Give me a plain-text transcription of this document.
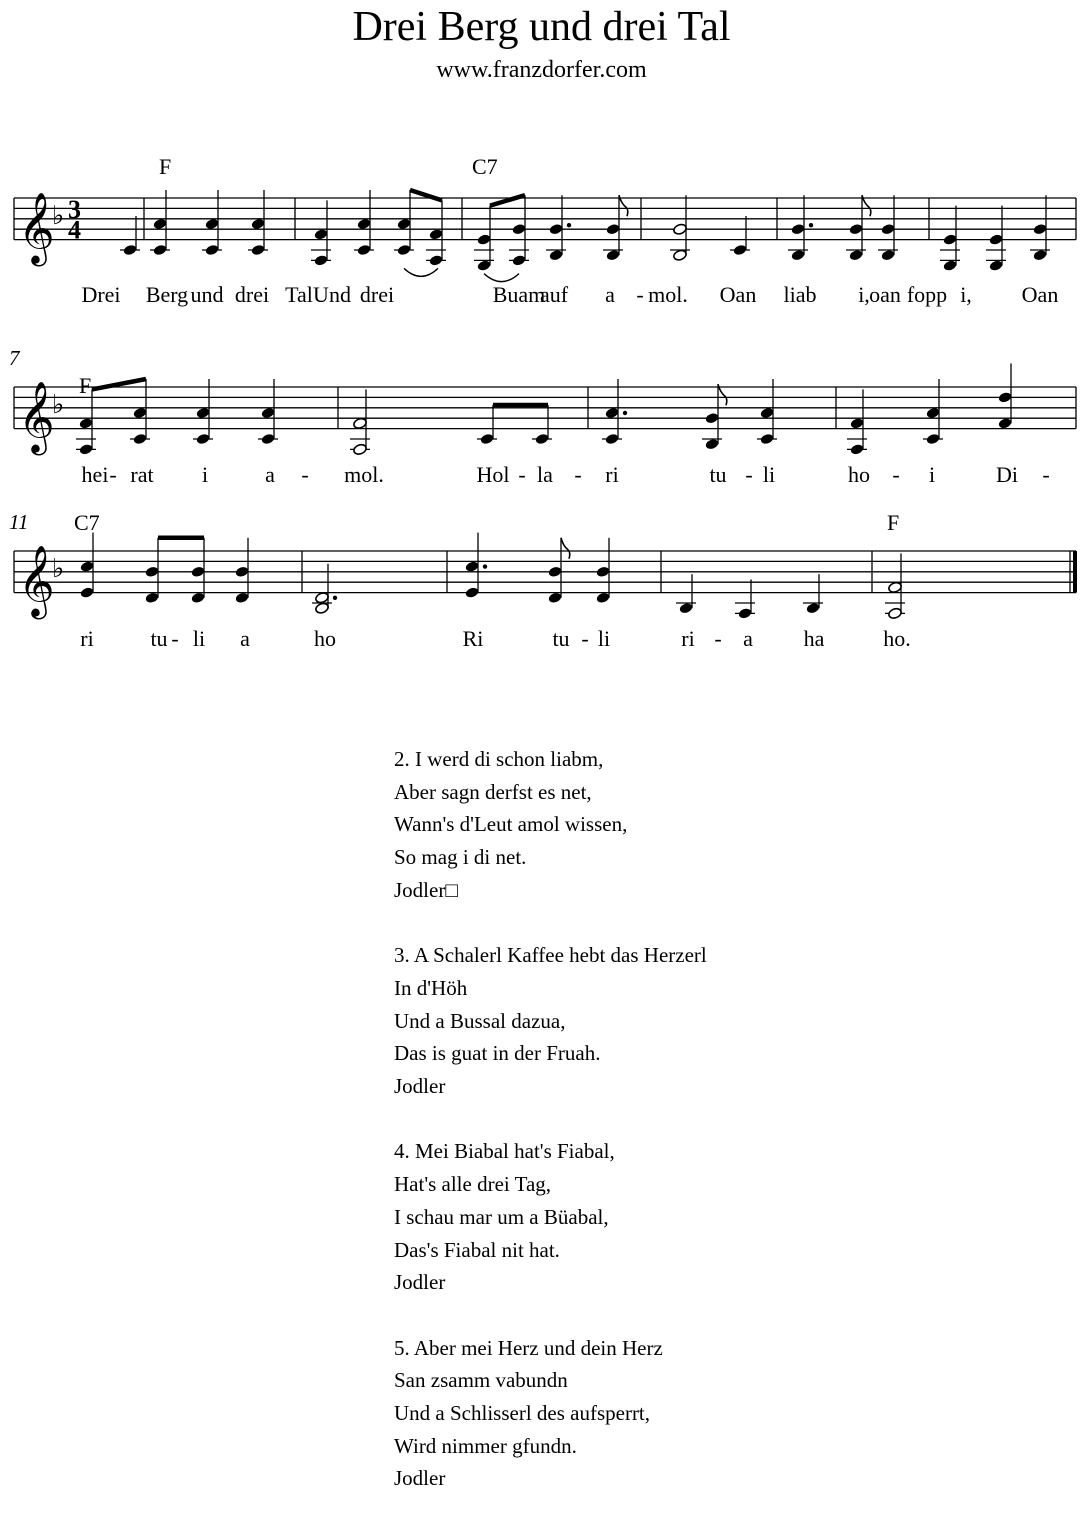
Drei Berg und drei Tal
www.franzdorfer.com
𝄞
♭ 3
4
F	C7
𝄞
♭
7
F
𝄞
♭
11 C7	F
Drei Berg und drei Tal Und drei	Buam
auf a - mol. Oan liab i, oan fopp i, Oan
hei - rat i	a - mol.	Hol - la - ri	tu - li	ho - i	Di -
ri	tu - li a	ho	Ri	tu - li	ri - a ha	ho.
2. I werd di schon liabm,
Aber sagn derfst es net,
Wann's d'Leut amol wissen,
So mag i di net.
Jodler□
3. A Schalerl Kaffee hebt das Herzerl
In d'Höh
Und a Bussal dazua,
Das is guat in der Fruah.
Jodler
4. Mei Biabal hat's Fiabal,
Hat's alle drei Tag,
I schau mar um a Büabal,
Das's Fiabal nit hat.
Jodler
5. Aber mei Herz und dein Herz
San zsamm vabundn
Und a Schlisserl des aufsperrt,
Wird nimmer gfundn.
Jodler
